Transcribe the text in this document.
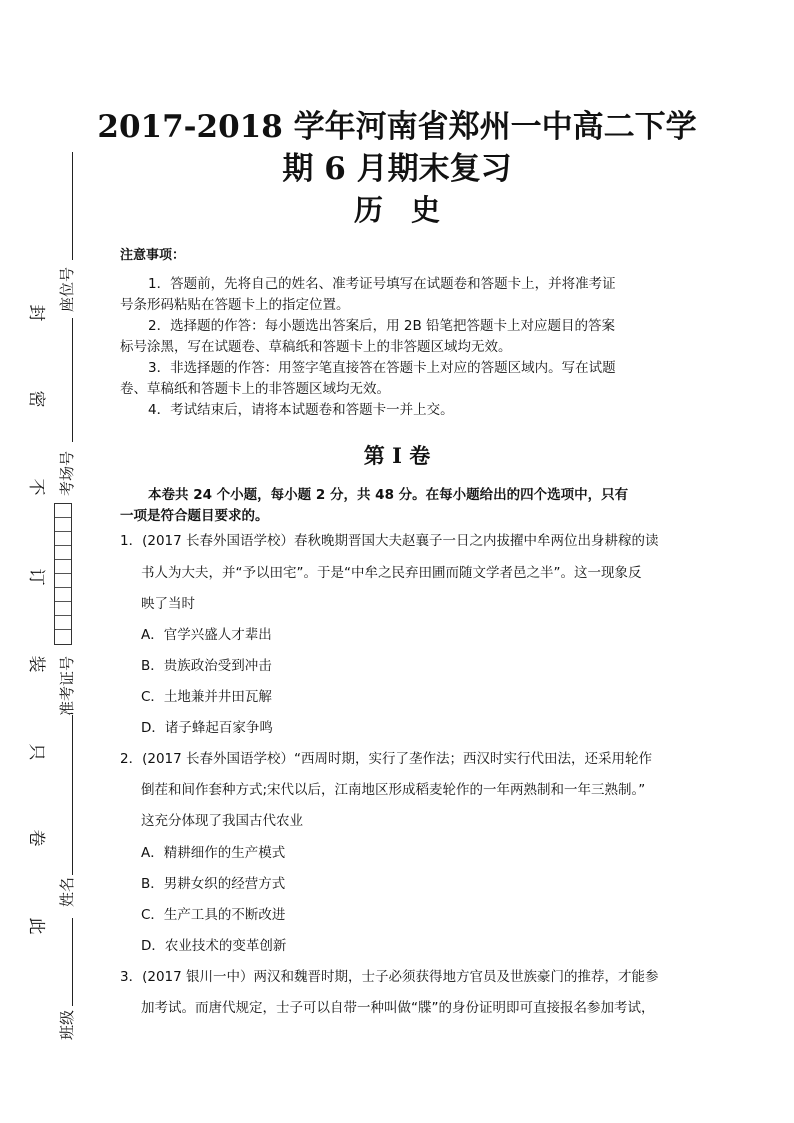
封
密
不
订
装
只
卷
此
座位号
考场号
准考证号
姓名
班级
2017-2018 学年河南省郑州一中高二下学
期 6 月期末复习
历史
注意事项：
1．答题前，先将自己的姓名、准考证号填写在试题卷和答题卡上，并将准考证
号条形码粘贴在答题卡上的指定位置。
2．选择题的作答：每小题选出答案后，用 2B 铅笔把答题卡上对应题目的答案
标号涂黑，写在试题卷、草稿纸和答题卡上的非答题区域均无效。
3．非选择题的作答：用签字笔直接答在答题卡上对应的答题区域内。写在试题
卷、草稿纸和答题卡上的非答题区域均无效。
4．考试结束后，请将本试题卷和答题卡一并上交。
第 I 卷
本卷共 24 个小题，每小题 2 分，共 48 分。在每小题给出的四个选项中，只有
一项是符合题目要求的。
1．(2017 长春外国语学校）春秋晚期晋国大夫赵襄子一日之内拔擢中牟两位出身耕稼的读
书人为大夫，并“予以田宅”。于是“中牟之民弃田圃而随文学者邑之半”。这一现象反
映了当时
A．官学兴盛人才辈出
B．贵族政治受到冲击
C．土地兼并井田瓦解
D．诸子蜂起百家争鸣
2．(2017 长春外国语学校）“西周时期，实行了垄作法；西汉时实行代田法，还采用轮作
倒茬和间作套种方式;宋代以后，江南地区形成稻麦轮作的一年两熟制和一年三熟制。”
这充分体现了我国古代农业
A．精耕细作的生产模式
B．男耕女织的经营方式
C．生产工具的不断改进
D．农业技术的变革创新
3．(2017 银川一中）两汉和魏晋时期，士子必须获得地方官员及世族豪门的推荐，才能参
加考试。而唐代规定，士子可以自带一种叫做“牒”的身份证明即可直接报名参加考试，
